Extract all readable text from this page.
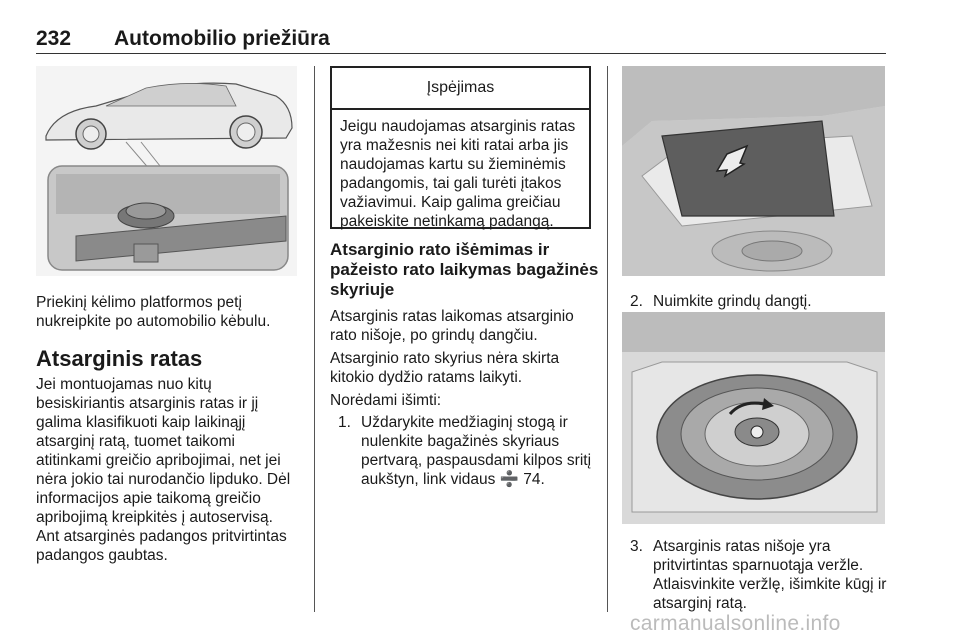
232 Automobilio priežiūra
Priekinį kėlimo platformos petį
nukreipkite po automobilio kėbulu.
Atsarginis ratas
Jei montuojamas nuo kitų
besiskiriantis atsarginis ratas ir jį
galima klasifikuoti kaip laikinąjį
atsarginį ratą, tuomet taikomi
atitinkami greičio apribojimai, net jei
nėra jokio tai nurodančio lipduko. Dėl
informacijos apie taikomą greičio
apribojimą kreipkitės į autoservisą.
Ant atsarginės padangos pritvirtintas
padangos gaubtas.
Įspėjimas
Jeigu naudojamas atsarginis ratas
yra mažesnis nei kiti ratai arba jis
naudojamas kartu su žieminėmis
padangomis, tai gali turėti įtakos
važiavimui. Kaip galima greičiau
pakeiskite netinkamą padangą.
Atsarginio rato išėmimas ir
pažeisto rato laikymas bagažinės
skyriuje
Atsarginis ratas laikomas atsarginio
rato nišoje, po grindų dangčiu.
Atsarginio rato skyrius nėra skirta
kitokio dydžio ratams laikyti.
Norėdami išimti:
1. Uždarykite medžiaginį stogą ir
nulenkite bagažinės skyriaus
pertvarą, paspausdami kilpos sritį
aukštyn, link vidaus ➗ 74.
2. Nuimkite grindų dangtį.
3. Atsarginis ratas nišoje yra
pritvirtintas sparnuotąja veržle.
Atlaisvinkite veržlę, išimkite kūgį ir
atsarginį ratą.
carmanualsonline.info
